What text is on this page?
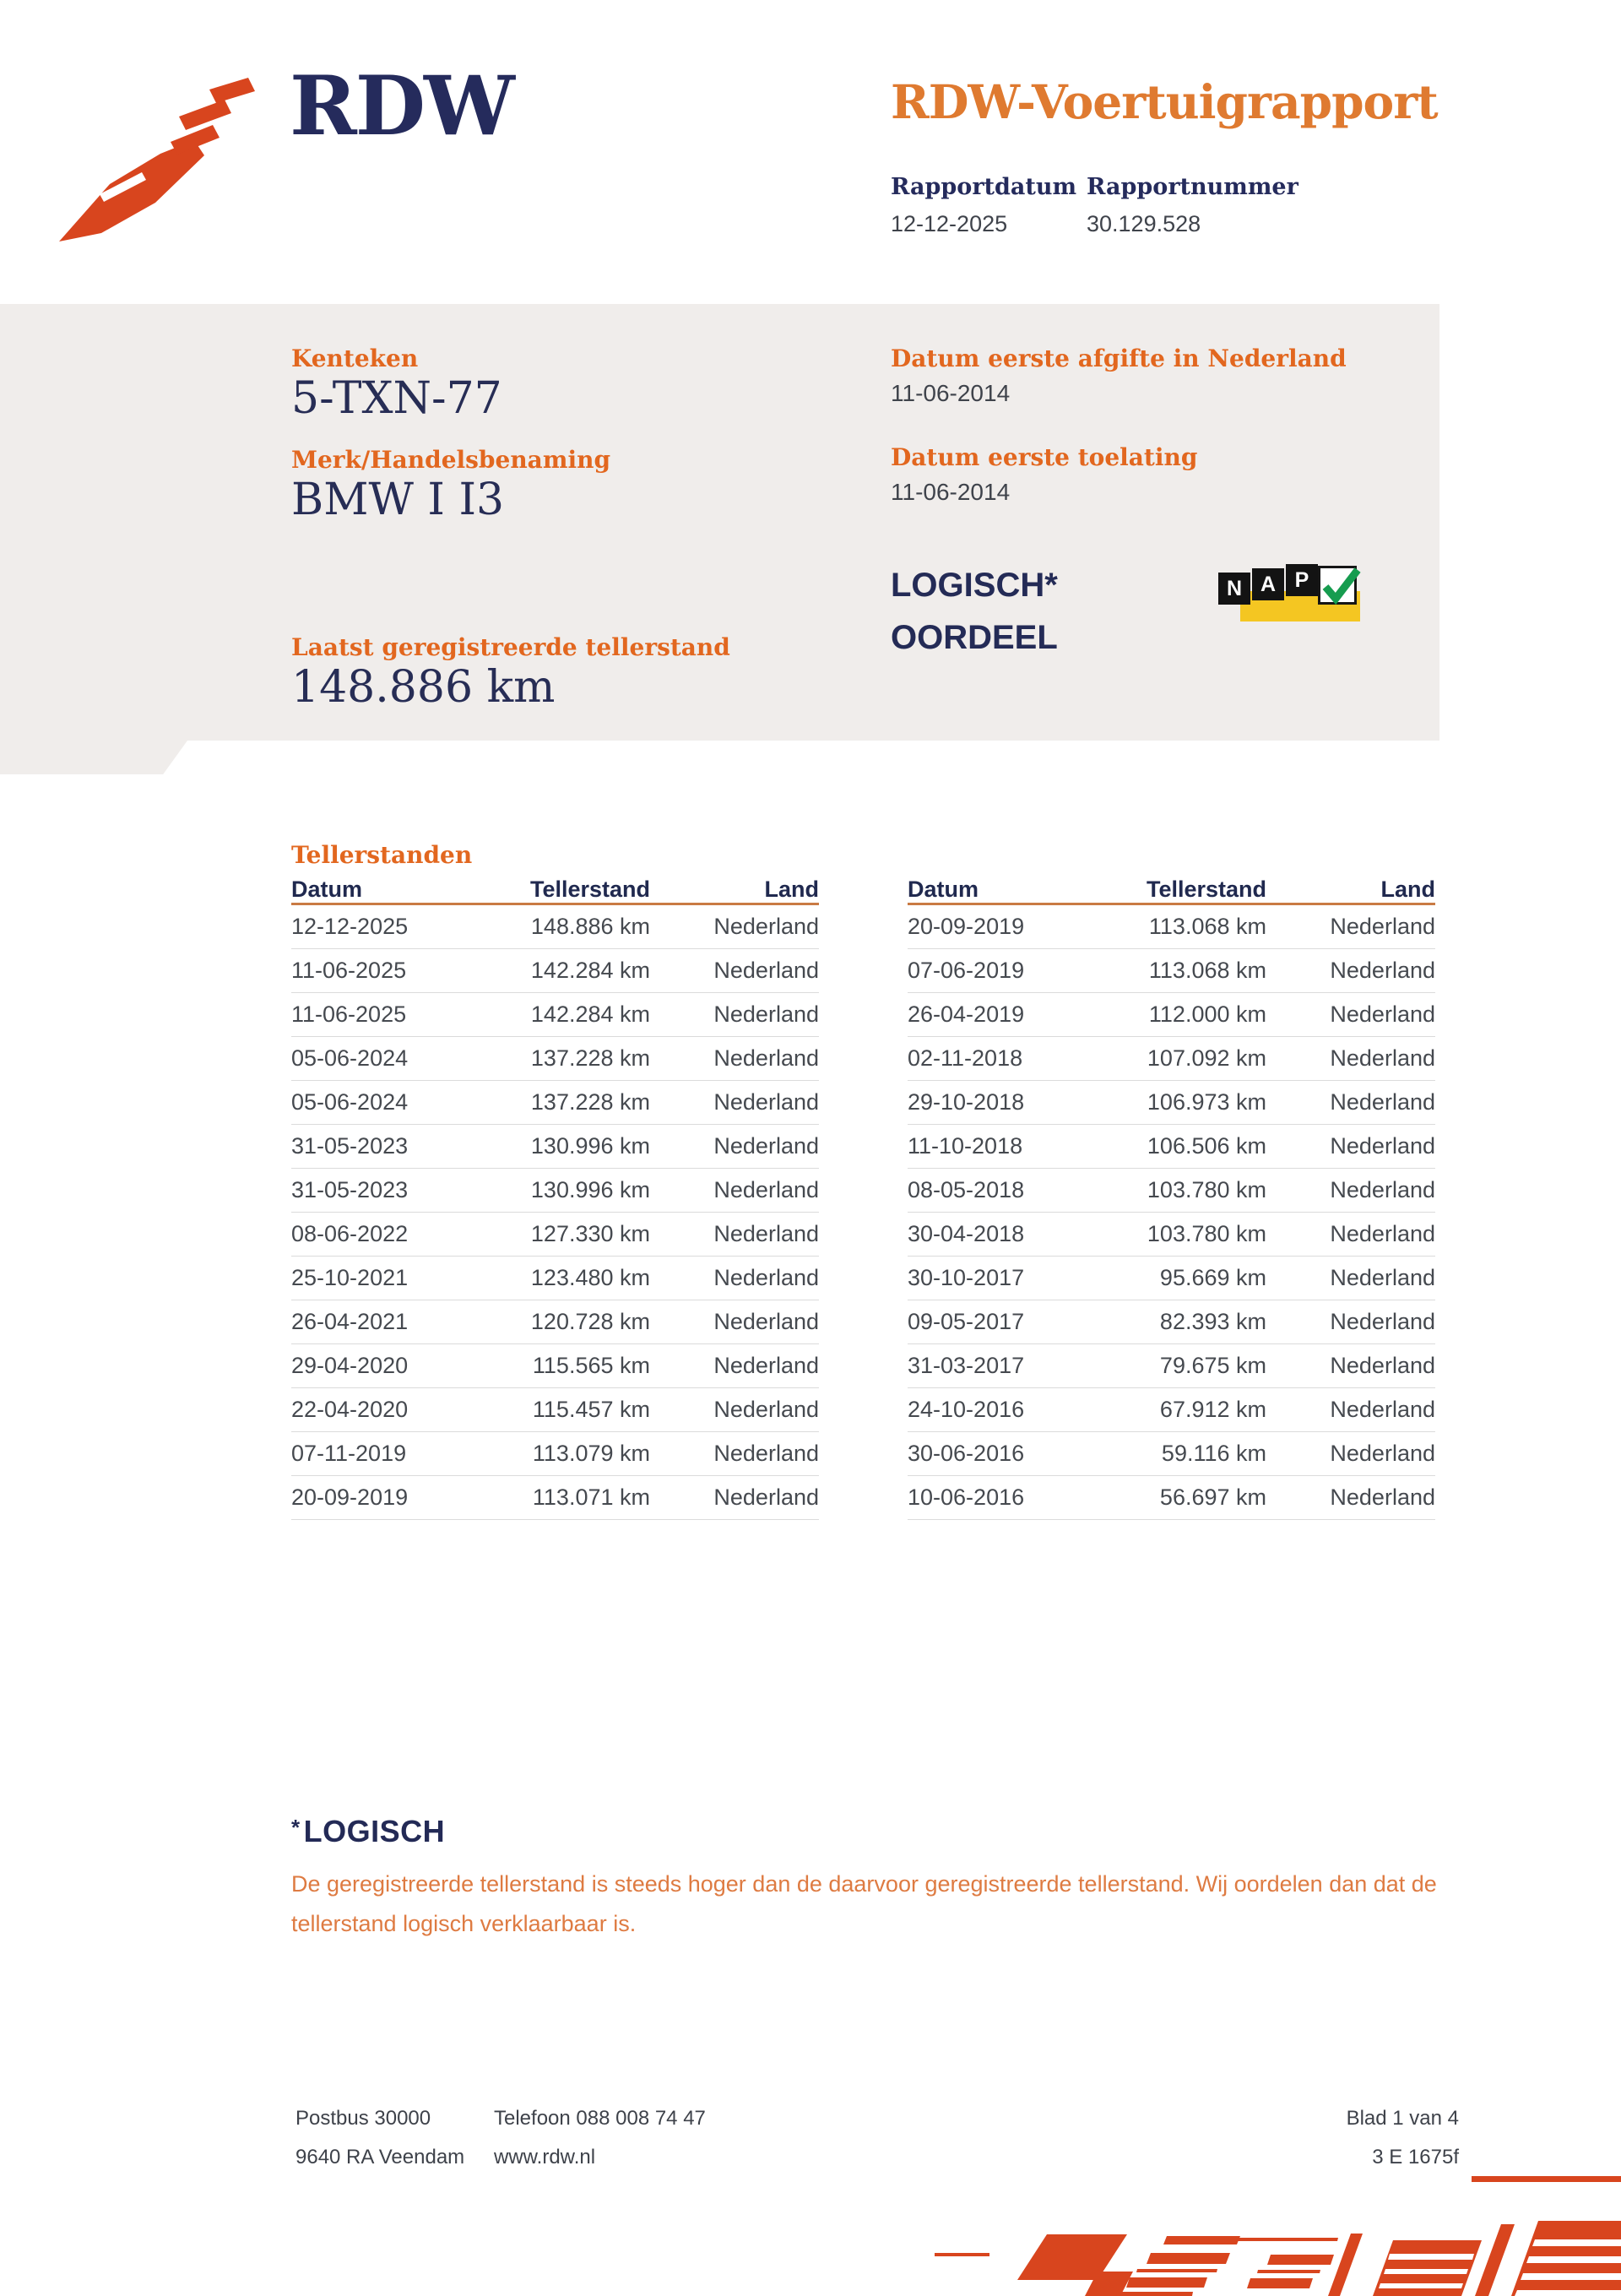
RDW	RDW-Voertuigrapport
Rapportdatum Rapportnummer
12-12-2025	30.129.528
Kenteken
5-TXN-77
Merk/Handelsbenaming
BMW I I3
Laatst geregistreerde tellerstand
148.886 km
Datum eerste afgifte in Nederland
11-06-2014
Datum eerste toelating
11-06-2014
LOGISCH*
OORDEEL
N A P
Tellerstanden
Datum	Tellerstand	Land
12-12-2025	148.886 km	Nederland
11-06-2025	142.284 km	Nederland
11-06-2025	142.284 km	Nederland
05-06-2024	137.228 km	Nederland
05-06-2024	137.228 km	Nederland
31-05-2023	130.996 km	Nederland
31-05-2023	130.996 km	Nederland
08-06-2022	127.330 km	Nederland
25-10-2021	123.480 km	Nederland
26-04-2021	120.728 km	Nederland
29-04-2020	115.565 km	Nederland
22-04-2020	115.457 km	Nederland
07-11-2019	113.079 km	Nederland
20-09-2019	113.071 km	Nederland
Datum	Tellerstand	Land
20-09-2019	113.068 km	Nederland
07-06-2019	113.068 km	Nederland
26-04-2019	112.000 km	Nederland
02-11-2018	107.092 km	Nederland
29-10-2018	106.973 km	Nederland
11-10-2018	106.506 km	Nederland
08-05-2018	103.780 km	Nederland
30-04-2018	103.780 km	Nederland
30-10-2017	95.669 km	Nederland
09-05-2017	82.393 km	Nederland
31-03-2017	79.675 km	Nederland
24-10-2016	67.912 km	Nederland
30-06-2016	59.116 km	Nederland
10-06-2016	56.697 km	Nederland
* LOGISCH
De geregistreerde tellerstand is steeds hoger dan de daarvoor geregistreerde tellerstand. Wij oordelen dan dat de tellerstand logisch verklaarbaar is.
Postbus 30000
9640 RA Veendam
Telefoon 088 008 74 47
www.rdw.nl
Blad 1 van 4
3 E 1675f
